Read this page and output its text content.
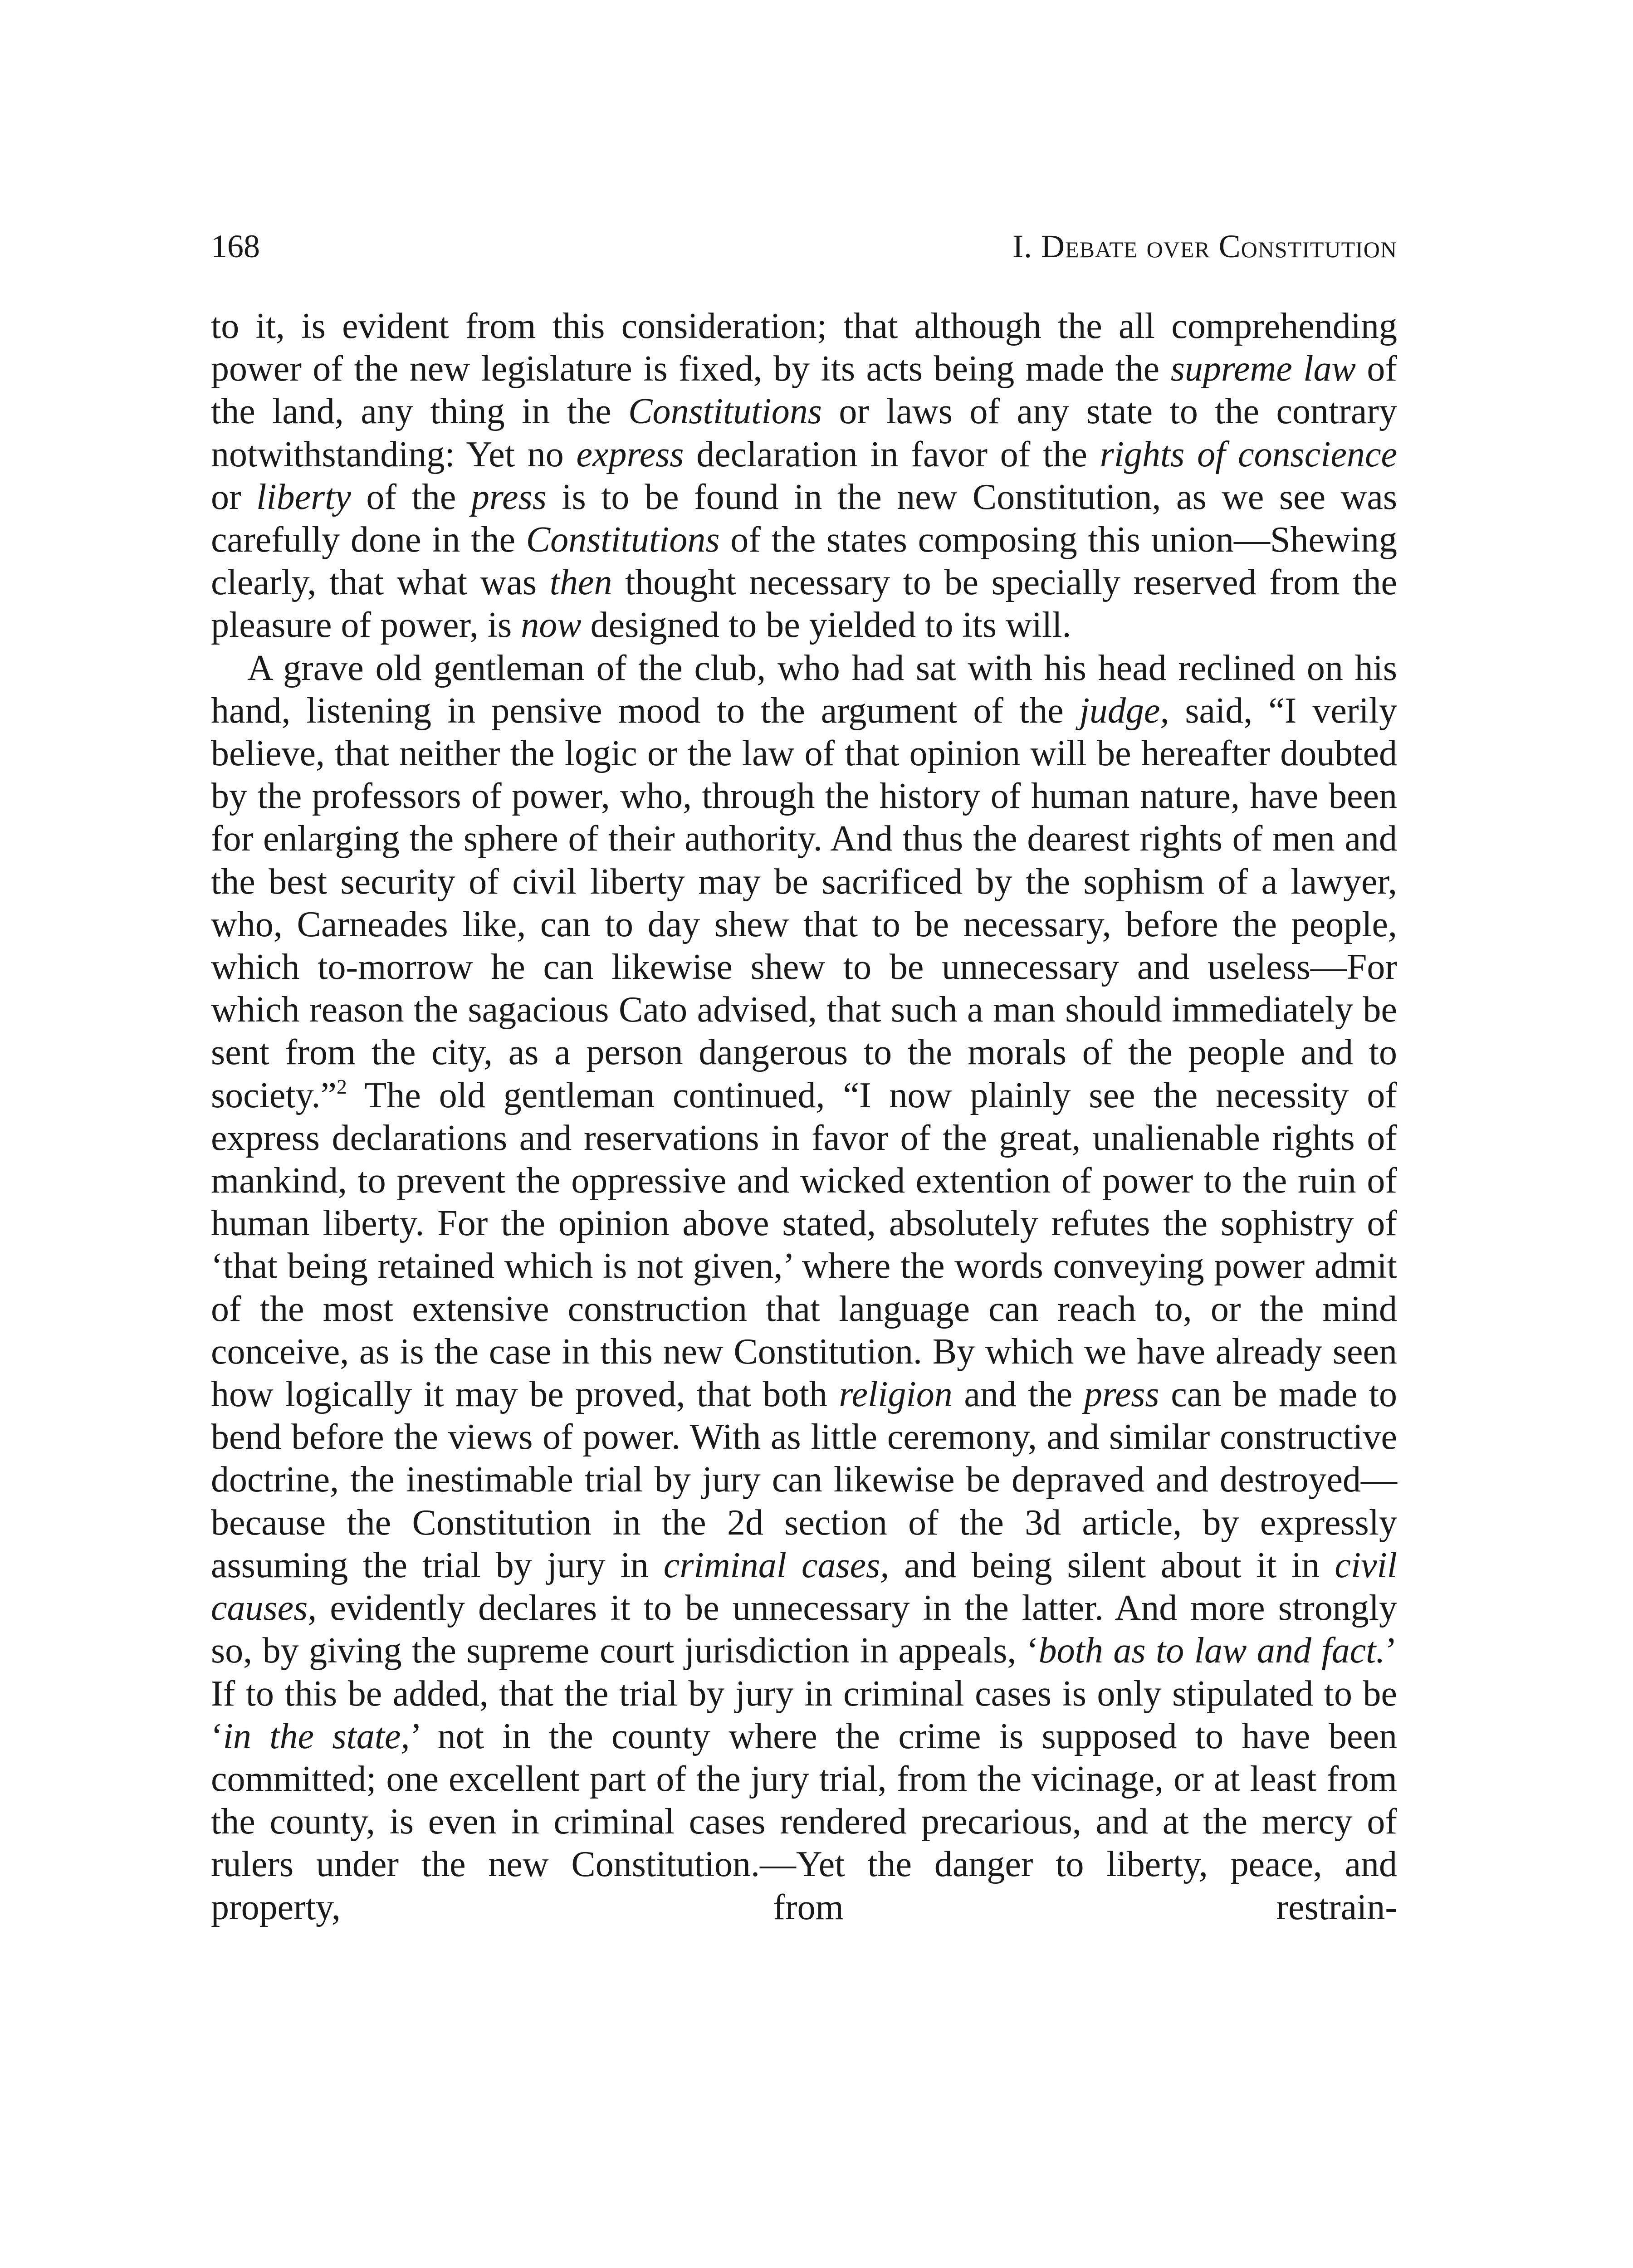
168	I. Debate over Constitution

to it, is evident from this consideration; that although the all comprehending power of the new legislature is fixed, by its acts being made the supreme law of the land, any thing in the Constitutions or laws of any state to the contrary notwithstanding: Yet no express declaration in favor of the rights of conscience or liberty of the press is to be found in the new Constitution, as we see was carefully done in the Constitutions of the states composing this union—Shewing clearly, that what was then thought necessary to be specially reserved from the pleasure of power, is now designed to be yielded to its will.

A grave old gentleman of the club, who had sat with his head reclined on his hand, listening in pensive mood to the argument of the judge, said, “I verily believe, that neither the logic or the law of that opinion will be hereafter doubted by the professors of power, who, through the history of human nature, have been for enlarging the sphere of their authority. And thus the dearest rights of men and the best security of civil liberty may be sacrificed by the sophism of a lawyer, who, Carneades like, can to day shew that to be necessary, before the people, which to-morrow he can likewise shew to be unnecessary and useless—For which reason the sagacious Cato advised, that such a man should immediately be sent from the city, as a person dangerous to the morals of the people and to society.”$^2$ The old gentleman continued, “I now plainly see the necessity of express declarations and reservations in favor of the great, unalienable rights of mankind, to prevent the oppressive and wicked extention of power to the ruin of human liberty. For the opinion above stated, absolutely refutes the sophistry of ‘that being retained which is not given,’ where the words conveying power admit of the most extensive construction that language can reach to, or the mind conceive, as is the case in this new Constitution. By which we have already seen how logically it may be proved, that both religion and the press can be made to bend before the views of power. With as little ceremony, and similar constructive doctrine, the inestimable trial by jury can likewise be depraved and destroyed—because the Constitution in the 2d section of the 3d article, by expressly assuming the trial by jury in criminal cases, and being silent about it in civil causes, evidently declares it to be unnecessary in the latter. And more strongly so, by giving the supreme court jurisdiction in appeals, ‘both as to law and fact.’ If to this be added, that the trial by jury in criminal cases is only stipulated to be ‘in the state,’ not in the county where the crime is supposed to have been committed; one excellent part of the jury trial, from the vicinage, or at least from the county, is even in criminal cases rendered precarious, and at the mercy of rulers under the new Constitution.—Yet the danger to liberty, peace, and property, from restrain-
